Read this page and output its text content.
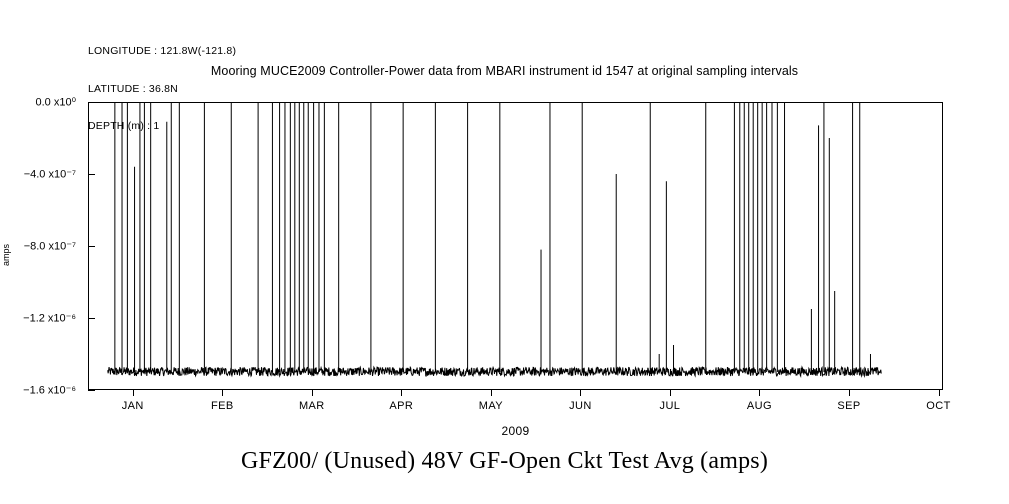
LONGITUDE : 121.8W(-121.8)

LATITUDE : 36.8N

DEPTH (m) : 1

Mooring MUCE2009 Controller-Power data from MBARI instrument id 1547 at original sampling intervals
amps
0.0 x10⁰
−4.0 x10⁻⁷
−8.0 x10⁻⁷
−1.2 x10⁻⁶
−1.6 x10⁻⁶
JAN	FEB	MAR	APR	MAY	JUN	JUL	AUG	SEP	OCT
2009
GFZ00/ (Unused) 48V GF-Open Ckt Test Avg (amps)
